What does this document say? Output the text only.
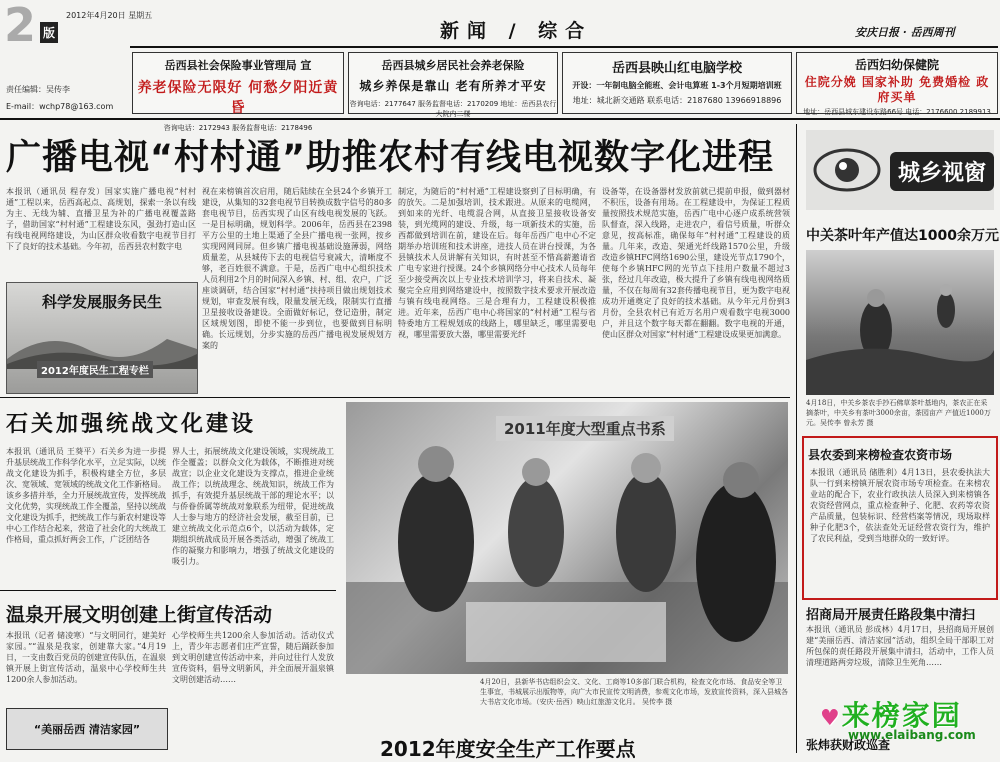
2 版
2012年4月20日 星期五
责任编辑：吴传李
E-mail：wchp78@163.com
新闻 / 综合	安庆日报 · 岳西周刊
岳西县社会保险事业管理局 宣
养老保险无限好 何愁夕阳近黄昏
咨询电话：2172943 服务监督电话：2178496
岳西县城乡居民社会养老保险
城乡养保是靠山 老有所养才平安
咨询电话：2177647 服务监督电话：2170209 地址：岳西县农行大院内二楼
岳西县映山红电脑学校
开设：一年制电脑全能班、会计电算班 1-3个月短期培训班
地址：城北新交通路 联系电话：2187680 13966918896
岳西妇幼保健院
住院分娩 国家补助 免费婚检 政府买单
地址：岳西县城东建设东路66号 电话：2176600 2189913
广播电视“村村通”助推农村有线电视数字化进程
本报讯（通讯员 程存发）国家实施广播电视“村村通”工程以来，岳西高起点、高规划，探索一条以有线为主、无线为辅、直播卫星为补的广播电视覆盖路子，借助国家“村村通”工程建设东风，强劲打造山区有线电视网络建设，为山区群众收看数字电视节目打下了良好的技术基础。今年初，岳西县农村数字电
视在来榜镇首次启用，随后陆续在全县24个乡镇开工建设，从集知的32套电视节目转换成数字信号的80多套电视节目，岳西实现了山区有线电视发展的飞跃。一是目标明确，规划科学。2006年，岳西县在2398平方公里的土地上渠通了全县广播电视一张网，按乡实现网网同屏。但乡镇广播电视基础设施薄弱，网络质量差，从县城传下去的电视信号衰减大，清晰度不够，老百姓很不满意。于是，岳西广电中心组织技术人员利用2个月的时间深入乡镇、村、组、农户，广泛座谈调研，结合国家“村村通”扶持项目做出规划技术规划，审查发展有线，限量发展无线，限制实行直播卫星接收设备建设。全面做好标记，登记造册，制定区域规划图，即使不能一步到位，也要做到目标明确。长远规划，分步实施的岳西广播电视发展规划方案的
制定，为随后的“村村通”工程建设察到了目标明确，有的放矢。二是加强培训，技术跟进。从原来的电缆网，到如来的光纤、电缆混合网，从直接卫星接收设备安装，到光缆网的建设、升级，每一项新技术的实施，岳西都做到培训在前，建设在后。每年岳西广电中心不定期举办培训班和技术讲座，进技人员在讲台授课，为各县镇技术人员讲解有关知识，有时甚至不惜高薪邀请省广电专家进行授课。24个乡镇网络分中心技术人员每年至少接受两次以上专业技术培训学习，将来自技术、凝聚完全应用到网络建设中，按照数字技术要求开展改造与镇有线电视网络。三是合理有力，工程建设积极推进。近年来，岳西广电中心将国家的“村村通”工程与省特委地方工程规划成的线路上，哪里缺乏，哪里需要电视，哪里需要放大器，哪里需要光纤
设备等，在设备器材发放前就已提前申报，做到器材不积压，设备有用场。在工程建设中，为保证工程质量按照技术规范实施，岳西广电中心逐户成系统营领队督查，深入线路，走进农户，看信号质量，听群众意见，按高标准，确保每年“村村通”工程建设的质量。几年来，改造、架通光纤线路1570公里，升级改造乡镇HFC网络1690公里，建设光节点1790个，使每个乡镇HFC网的光节点下挂用户数量不超过3张，经过几年改造，极大提升了乡镇有线电视网络质量，不仅在每周有32套传播电视节目，更为数字电视成功开通奠定了良好的技术基础。从今年元月份到3月份，全县农村已有近万名用户观看数字电视3000户，并且这个数字每天都在翻翻。数字电视的开通，使山区群众对国家“村村通”工程建设成果更加满意。
科学发展服务民生
2012年度民生工程专栏
石关加强统战文化建设
本报讯（通讯员 王葵平）石关乡为进一步提升基层统战工作科学化水平，立足实际，以统战文化建设为抓手，积极构建全方位，多层次、宽领域、宽领域的统战文化工作新格局。该乡多措并举，全力开展统战宣传，发挥统战文化优势，实现统战工作全覆盖，坚持以统战文化建设为抓手，把统战工作与新农村建设等中心工作结合起来，营造了社会化的大统战工作格局，重点抓好两会工作，广泛团结各
界人士，拓展统战文化建设领域，实现统战工作全覆盖；以群众文化为载体，不断推进对统战宣；以企业文化建设为支撑点，推进企业统战工作；以统战理念、统战知识，统战工作为抓手，有效提升基层统战干部的理论水平；以与侨眷侨属等统战对象联系为纽带，促进统战人士参与地方的经济社会发展，截至目前，已建立统战文化示范点6个，以活动为载体，定期组织统战成员开展各类活动，增强了统战工作的凝聚力和影响力，增强了统战文化建设的吸引力。
温泉开展文明创建上街宣传活动
本报讯（记者 储凌寒）“与文明同行，建美好家园。”“温泉是我家，创建靠大家。”4月19日，一支由数百党员的创建宣传队伍，在温泉镇开展上街宣传活动，温泉中心学校师生共1200余人参加活动。
心学校师生共1200余人参加活动。活动仪式上，青少年志愿者们庄严宣誓，随后踊跃参加到文明创建宣传活动中来，并向过往行人发放宣传资料，倡导文明新风，并全面展开温泉镇文明创建活动……
“美丽岳西 清洁家园”
2011年度大型重点书系
4月20日，县新华书店组织会文、文化、工商等10多部门联合机构，检查文化市场、食品安全等卫生事宜，书城展示出版物等，向广大市民宣传文明消费，参观文化市场，发放宣传资料，深入县城各大书店文化市场。（安庆·岳西）映山红旅游文化月。 吴传李 摄
2012年度安全生产工作要点
城乡视窗
中关茶叶年产值达1000余万元
4月18日，中关乡茶农手抄石佛草茶叶基地内，茶农正在采摘茶叶，中关乡有茶叶3000余亩，茶园亩产 产值近1000万元。吴传李 曾永芳 摄
县农委到来榜检查农资市场
本报讯（通讯员 储胜利）4月13日，县农委执法大队一行到来榜镇开展农资市场专项检查。在来榜农业站的配合下，农业行政执法人员深入到来榜镇各农资经营网点，重点检查种子、化肥、农药等农资产品质量，包装标识、经营档案等情况，现场取样种子化肥3个，依法查处无证经营农资行为，维护了农民利益，受到当地群众的一致好评。
招商局开展责任路段集中清扫
本报讯（通讯员 彭成林）4月17日，县招商局开展创建“美丽岳西、清洁家园”活动，组织全局干部职工对所包保的责任路段开展集中清扫，活动中，工作人员清理道路两旁垃圾，清除卫生死角……
张炜获财政巡查
♥来榜家园
www.elaibang.com
